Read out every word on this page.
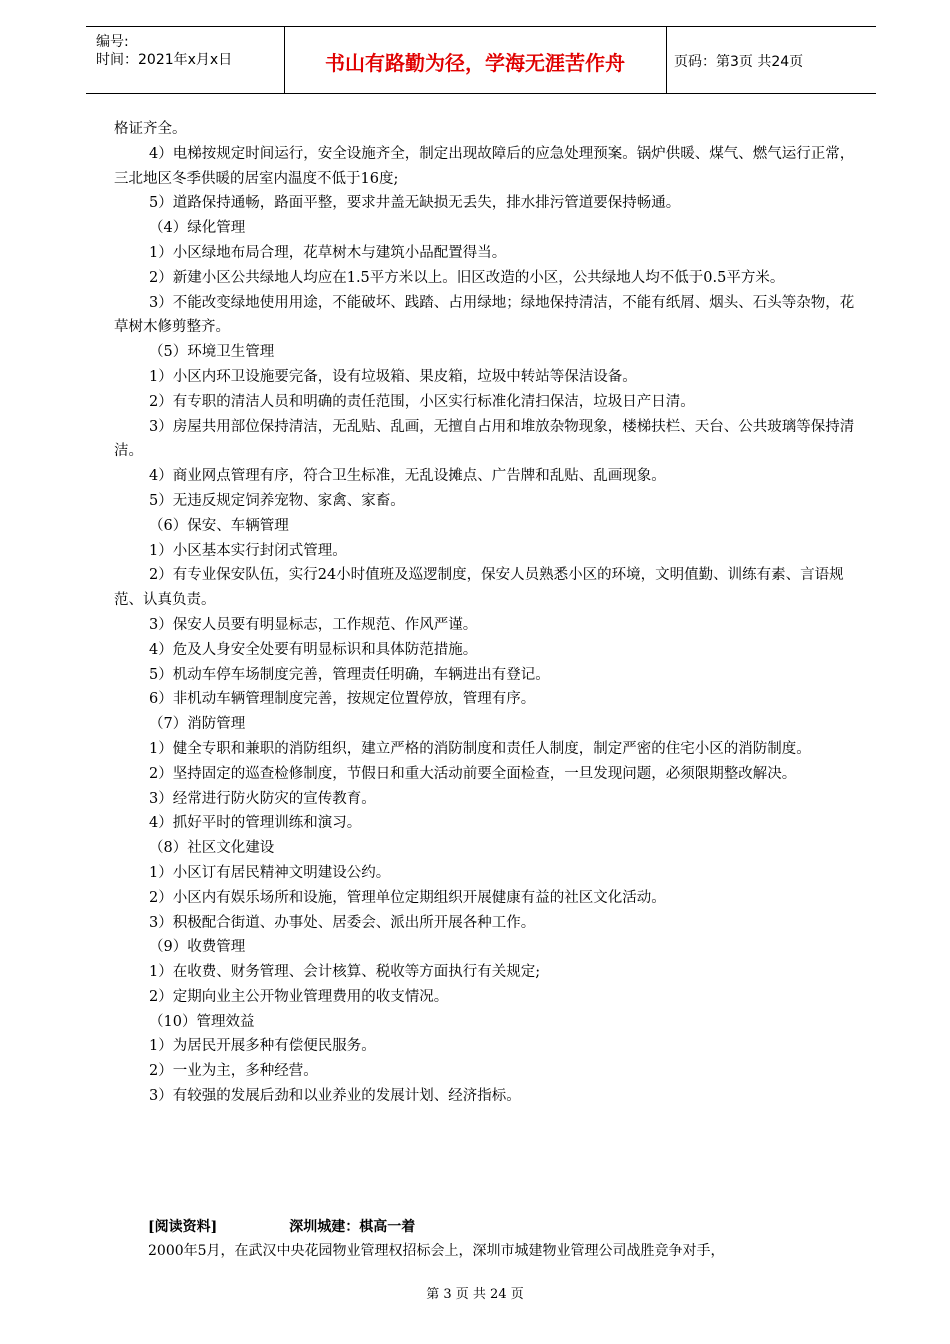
编号:
时间：2021年x月x日	书山有路勤为径，学海无涯苦作舟	页码：第3页 共24页
格证齐全。
4）电梯按规定时间运行，安全设施齐全，制定出现故障后的应急处理预案。锅炉供暖、煤气、燃气运行正常，三北地区冬季供暖的居室内温度不低于16度;
5）道路保持通畅，路面平整，要求井盖无缺损无丢失，排水排污管道要保持畅通。
（4）绿化管理
1）小区绿地布局合理，花草树木与建筑小品配置得当。
2）新建小区公共绿地人均应在1.5平方米以上。旧区改造的小区，公共绿地人均不低于0.5平方米。
3）不能改变绿地使用用途，不能破坏、践踏、占用绿地；绿地保持清洁，不能有纸屑、烟头、石头等杂物，花草树木修剪整齐。
（5）环境卫生管理
1）小区内环卫设施要完备，设有垃圾箱、果皮箱，垃圾中转站等保洁设备。
2）有专职的清洁人员和明确的责任范围，小区实行标准化清扫保洁，垃圾日产日清。
3）房屋共用部位保持清洁，无乱贴、乱画，无擅自占用和堆放杂物现象，楼梯扶栏、天台、公共玻璃等保持清洁。
4）商业网点管理有序，符合卫生标准，无乱设摊点、广告牌和乱贴、乱画现象。
5）无违反规定饲养宠物、家禽、家畜。
（6）保安、车辆管理
1）小区基本实行封闭式管理。
2）有专业保安队伍，实行24小时值班及巡逻制度，保安人员熟悉小区的环境，文明值勤、训练有素、言语规范、认真负责。
3）保安人员要有明显标志，工作规范、作风严谨。
4）危及人身安全处要有明显标识和具体防范措施。
5）机动车停车场制度完善，管理责任明确，车辆进出有登记。
6）非机动车辆管理制度完善，按规定位置停放，管理有序。
（7）消防管理
1）健全专职和兼职的消防组织，建立严格的消防制度和责任人制度，制定严密的住宅小区的消防制度。
2）坚持固定的巡查检修制度，节假日和重大活动前要全面检查，一旦发现问题，必须限期整改解决。
3）经常进行防火防灾的宣传教育。
4）抓好平时的管理训练和演习。
（8）社区文化建设
1）小区订有居民精神文明建设公约。
2）小区内有娱乐场所和设施，管理单位定期组织开展健康有益的社区文化活动。
3）积极配合街道、办事处、居委会、派出所开展各种工作。
（9）收费管理
1）在收费、财务管理、会计核算、税收等方面执行有关规定;
2）定期向业主公开物业管理费用的收支情况。
（10）管理效益
1）为居民开展多种有偿便民服务。
2）一业为主，多种经营。
3）有较强的发展后劲和以业养业的发展计划、经济指标。
[阅读资料]	深圳城建：棋高一着
2000年5月，在武汉中央花园物业管理权招标会上，深圳市城建物业管理公司战胜竞争对手，
第 3 页 共 24 页
